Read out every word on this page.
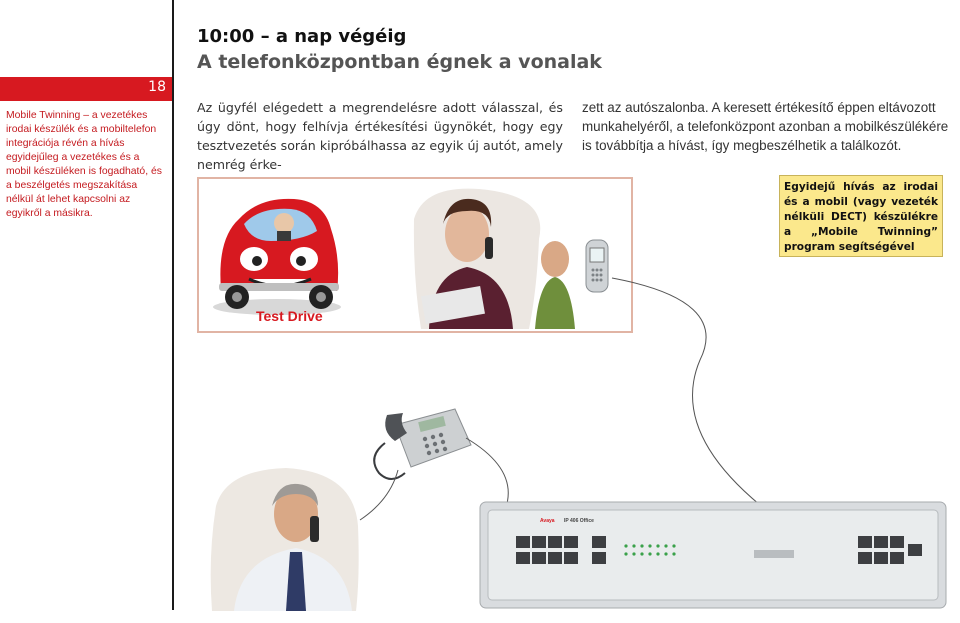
18
Mobile Twinning – a vezetékes irodai készülék és a mobiltelefon integrációja révén a hívás egyidejűleg a vezetékes és a mobil készüléken is fogadható, és a beszélgetés megszakítása nélkül át lehet kapcsolni az egyikről a másikra.
10:00 – a nap végéig
A telefonközpontban égnek a vonalak
Az ügyfél elégedett a megrendelésre adott válasszal, és úgy dönt, hogy felhívja értékesítési ügynökét, hogy egy tesztvezetés során kipróbálhassa az egyik új autót, amely nemrég érke-
zett az autószalonba. A keresett értékesítő éppen eltávozott munkahelyéről, a telefonközpont azonban a mobilkészülékére is továbbítja a hívást, így megbeszélhetik a találkozót.
Test Drive
Egyidejű hívás az irodai és a mobil (vagy vezeték nélküli DECT) készülékre a „Mobile Twinning” program segítségével
Avaya IP 406 Office
